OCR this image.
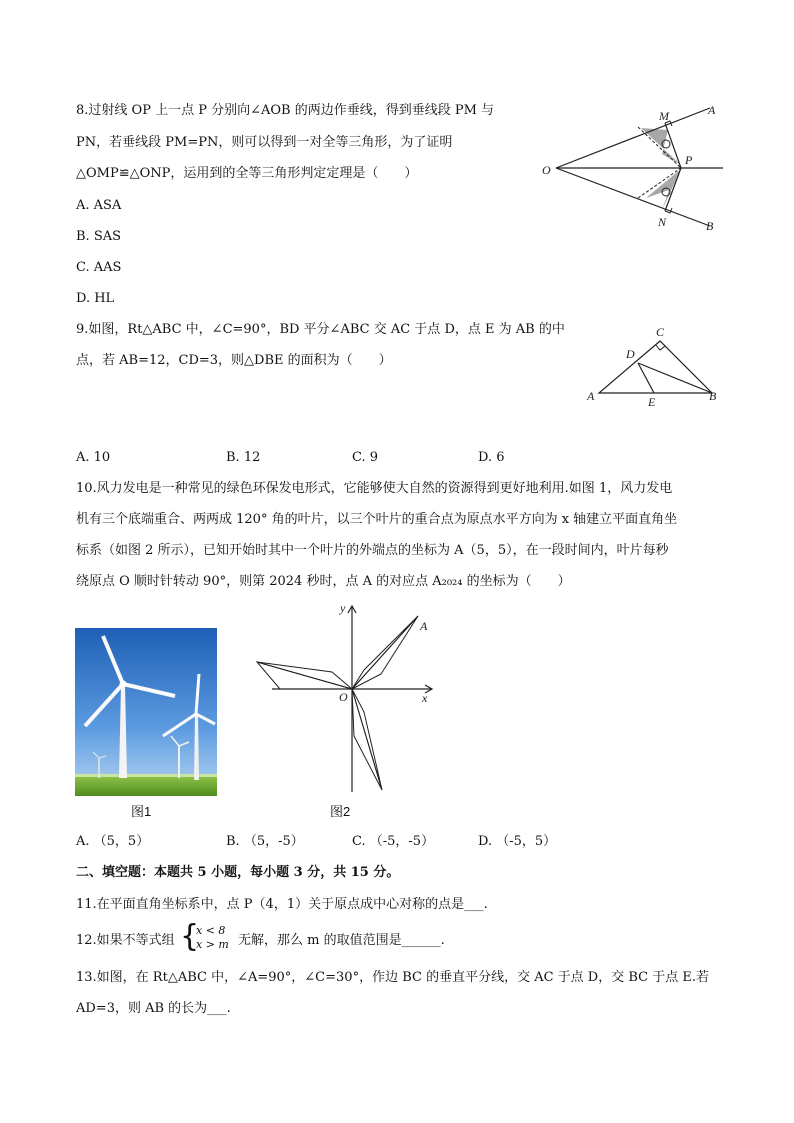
8.过射线 OP 上一点 P 分别向∠AOB 的两边作垂线，得到垂线段 PM 与
PN，若垂线段 PM=PN，则可以得到一对全等三角形，为了证明
△OMP≌△ONP，运用到的全等三角形判定定理是（　　）
A. ASA
B. SAS
C. AAS
D. HL
O
A
B
M
N
P
9.如图，Rt△ABC 中，∠C=90°，BD 平分∠ABC 交 AC 于点 D，点 E 为 AB 的中
点，若 AB=12，CD=3，则△DBE 的面积为（　　）
A	B
C
D
E
A. 10	B. 12	C. 9	D. 6
10.风力发电是一种常见的绿色环保发电形式，它能够使大自然的资源得到更好地利用.如图 1，风力发电
机有三个底端重合、两两成 120° 角的叶片，以三个叶片的重合点为原点水平方向为 x 轴建立平面直角坐
标系（如图 2 所示），已知开始时其中一个叶片的外端点的坐标为 A（5，5），在一段时间内，叶片每秒
绕原点 O 顺时针转动 90°，则第 2024 秒时，点 A 的对应点 A₂₀₂₄ 的坐标为（　　）
图1
y
x
O
A
图2
A. （5，5）	B. （5，-5）	C. （-5，-5）	D. （-5，5）
二、填空题：本题共 5 小题，每小题 3 分，共 15 分。
11.在平面直角坐标系中，点 P（4，1）关于原点成中心对称的点是___.
12.如果不等式组 {
x < 8
x > m 无解，那么 m 的取值范围是______.
13.如图，在 Rt△ABC 中，∠A=90°，∠C=30°，作边 BC 的垂直平分线，交 AC 于点 D，交 BC 于点 E.若
AD=3，则 AB 的长为___.
